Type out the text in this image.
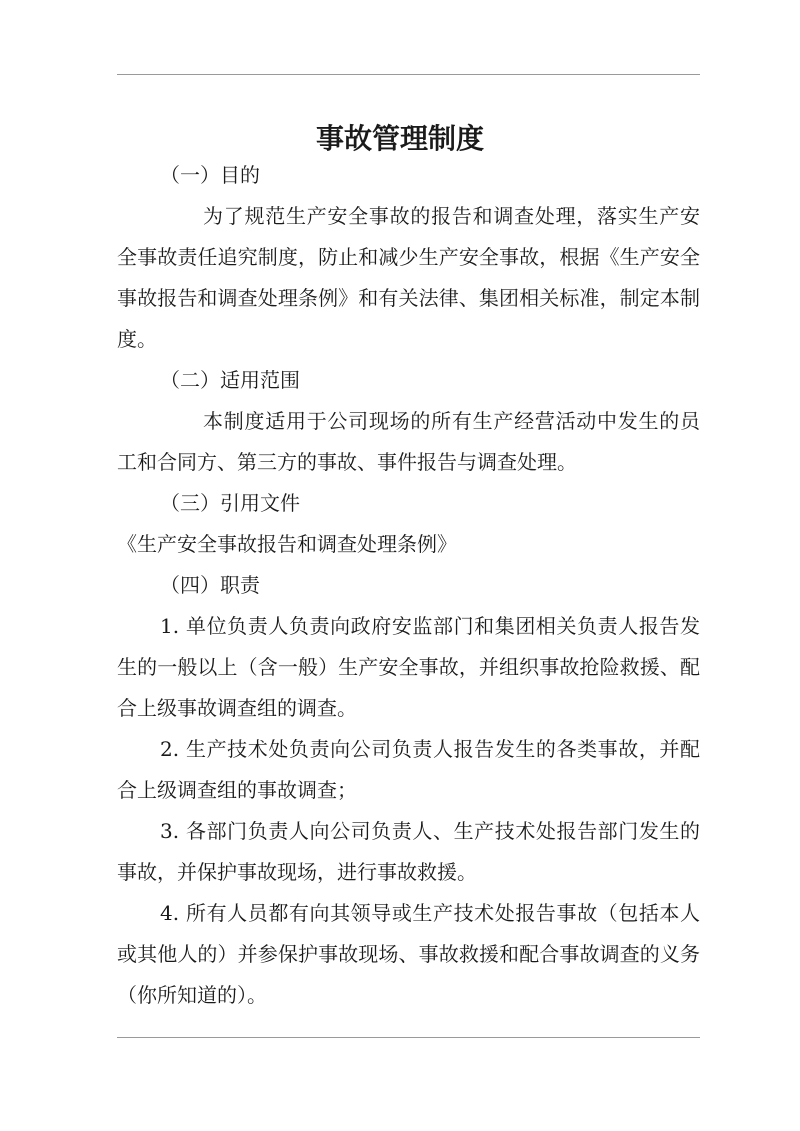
事故管理制度

（一）目的

为了规范生产安全事故的报告和调查处理，落实生产安全事故责任追究制度，防止和减少生产安全事故，根据《生产安全事故报告和调查处理条例》和有关法律、集团相关标准，制定本制度。

（二）适用范围

本制度适用于公司现场的所有生产经营活动中发生的员工和合同方、第三方的事故、事件报告与调查处理。

（三）引用文件

《生产安全事故报告和调查处理条例》

（四）职责

1. 单位负责人负责向政府安监部门和集团相关负责人报告发生的一般以上（含一般）生产安全事故，并组织事故抢险救援、配合上级事故调查组的调查。

2. 生产技术处负责向公司负责人报告发生的各类事故，并配合上级调查组的事故调查；

3. 各部门负责人向公司负责人、生产技术处报告部门发生的事故，并保护事故现场，进行事故救援。

4. 所有人员都有向其领导或生产技术处报告事故（包括本人或其他人的）并参保护事故现场、事故救援和配合事故调查的义务（你所知道的）。
